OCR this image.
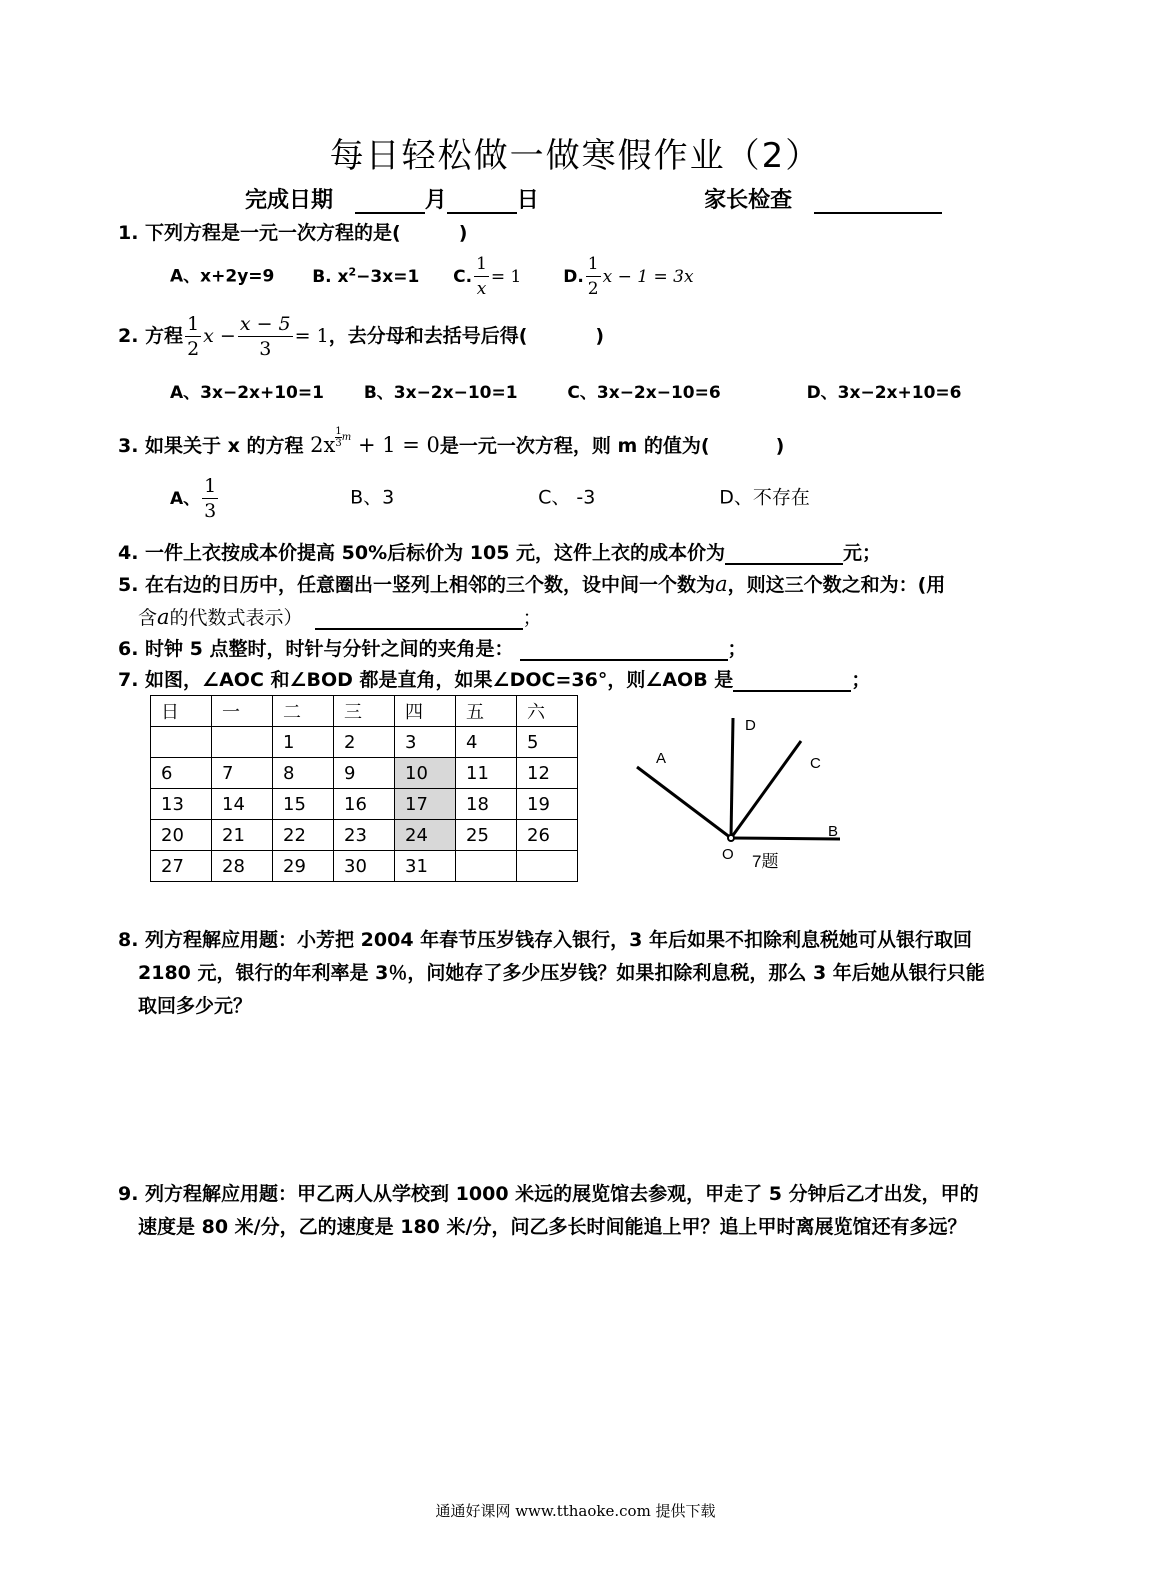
每日轻松做一做寒假作业（2）
完成日期	月	日	家长检查
1. 下列方程是一元一次方程的是(	)
A、x+2y=9 B. $x^2-3x=1$ C. $\frac{1}{x} = 1$ D. $\frac{1}{2}$ x − 1 = 3x
2. 方程 $\frac{1}{2}$ $x - \frac{x - 5}{3} = 1$，去分母和去括号后得(	)
A、3x−2x+10=1 B、3x−2x−10=1	C、3x−2x−10=6	D、3x−2x+10=6
3. 如果关于 x 的方程 2x
$^{1 3 m}$ + 1 = 0是一元一次方程，则 m 的值为(	)
A、 $\frac{1}{3}$	B、3	C、 -3	D、不存在
4. 一件上衣按成本价提高 50%后标价为 105 元，这件上衣的成本价为	元；
5. 在右边的日历中，任意圈出一竖列上相邻的三个数，设中间一个数为a，则这三个数之和为：(用
含a的代数式表示）	；
6. 时钟 5 点整时，时针与分针之间的夹角是：	；
7. 如图，∠AOC 和∠BOD 都是直角，如果∠DOC=36°，则∠AOB 是	；
日	一	二	三	四	五	六
		1	2	3	4	5
6	7	8	9	10	11	12
13	14	15	16	17	18	19
20	21	22	23	24	25	26
27	28	29	30	31		
A
D
C
B
O 7题
8. 列方程解应用题：小芳把 2004 年春节压岁钱存入银行，3 年后如果不扣除利息税她可从银行取回
2180 元，银行的年利率是 3％，问她存了多少压岁钱？如果扣除利息税，那么 3 年后她从银行只能
取回多少元？
9. 列方程解应用题：甲乙两人从学校到 1000 米远的展览馆去参观，甲走了 5 分钟后乙才出发，甲的
速度是 80 米/分，乙的速度是 180 米/分，问乙多长时间能追上甲？追上甲时离展览馆还有多远？
通通好课网 www.tthaoke.com 提供下载
